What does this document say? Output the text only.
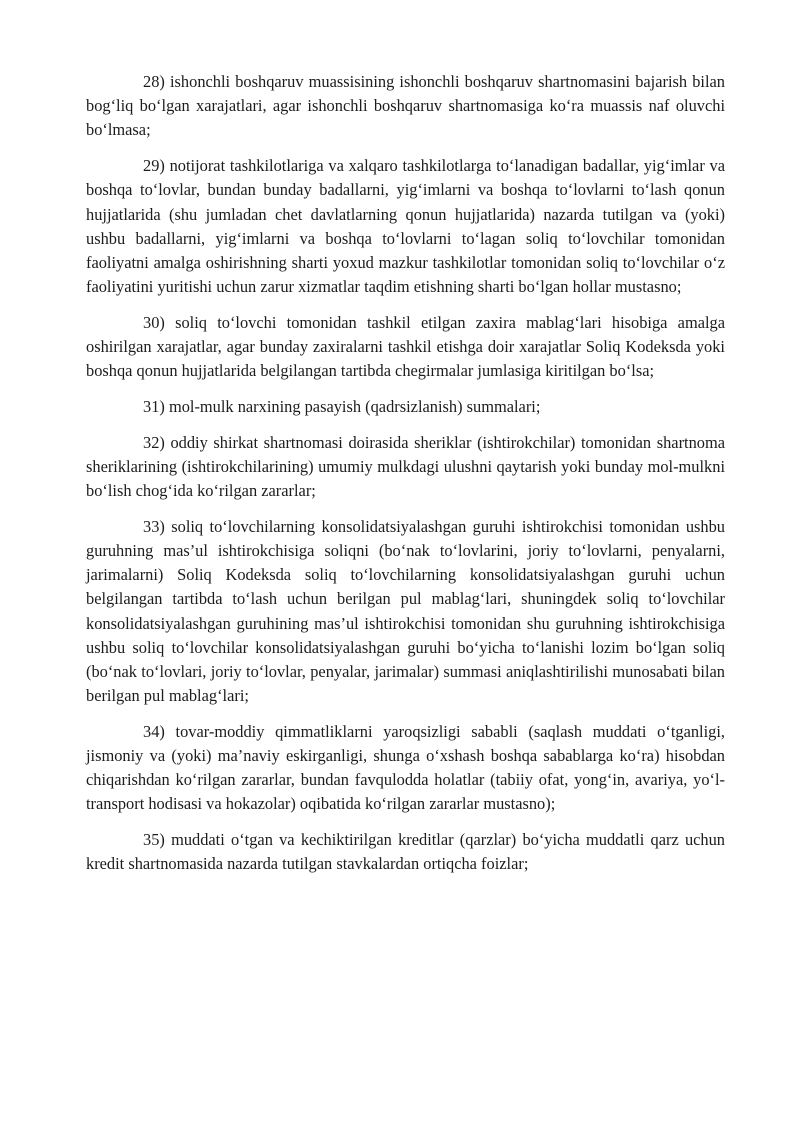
28) ishonchli boshqaruv muassisining ishonchli boshqaruv shartnomasini bajarish bilan bog‘liq bo‘lgan xarajatlari, agar ishonchli boshqaruv shartnomasiga ko‘ra muassis naf oluvchi bo‘lmasa;

29) notijorat tashkilotlariga va xalqaro tashkilotlarga to‘lanadigan badallar, yig‘imlar va boshqa to‘lovlar, bundan bunday badallarni, yig‘imlarni va boshqa to‘lovlarni to‘lash qonun hujjatlarida (shu jumladan chet davlatlarning qonun hujjatlarida) nazarda tutilgan va (yoki) ushbu badallarni, yig‘imlarni va boshqa to‘lovlarni to‘lagan soliq to‘lovchilar tomonidan faoliyatni amalga oshirishning sharti yoxud mazkur tashkilotlar tomonidan soliq to‘lovchilar o‘z faoliyatini yuritishi uchun zarur xizmatlar taqdim etishning sharti bo‘lgan hollar mustasno;

30) soliq to‘lovchi tomonidan tashkil etilgan zaxira mablag‘lari hisobiga amalga oshirilgan xarajatlar, agar bunday zaxiralarni tashkil etishga doir xarajatlar Soliq Kodeksda yoki boshqa qonun hujjatlarida belgilangan tartibda chegirmalar jumlasiga kiritilgan bo‘lsa;

31) mol-mulk narxining pasayish (qadrsizlanish) summalari;

32) oddiy shirkat shartnomasi doirasida sheriklar (ishtirokchilar) tomonidan shartnoma sheriklarining (ishtirokchilarining) umumiy mulkdagi ulushni qaytarish yoki bunday mol-mulkni bo‘lish chog‘ida ko‘rilgan zararlar;

33) soliq to‘lovchilarning konsolidatsiyalashgan guruhi ishtirokchisi tomonidan ushbu guruhning mas’ul ishtirokchisiga soliqni (bo‘nak to‘lovlarini, joriy to‘lovlarni, penyalarni, jarimalarni) Soliq Kodeksda soliq to‘lovchilarning konsolidatsiyalashgan guruhi uchun belgilangan tartibda to‘lash uchun berilgan pul mablag‘lari, shuningdek soliq to‘lovchilar konsolidatsiyalashgan guruhining mas’ul ishtirokchisi tomonidan shu guruhning ishtirokchisiga ushbu soliq to‘lovchilar konsolidatsiyalashgan guruhi bo‘yicha to‘lanishi lozim bo‘lgan soliq (bo‘nak to‘lovlari, joriy to‘lovlar, penyalar, jarimalar) summasi aniqlashtirilishi munosabati bilan berilgan pul mablag‘lari;

34) tovar-moddiy qimmatliklarni yaroqsizligi sababli (saqlash muddati o‘tganligi, jismoniy va (yoki) ma’naviy eskirganligi, shunga o‘xshash boshqa sabablarga ko‘ra) hisobdan chiqarishdan ko‘rilgan zararlar, bundan favqulodda holatlar (tabiiy ofat, yong‘in, avariya, yo‘l-transport hodisasi va hokazolar) oqibatida ko‘rilgan zararlar mustasno);

35) muddati o‘tgan va kechiktirilgan kreditlar (qarzlar) bo‘yicha muddatli qarz uchun kredit shartnomasida nazarda tutilgan stavkalardan ortiqcha foizlar;
